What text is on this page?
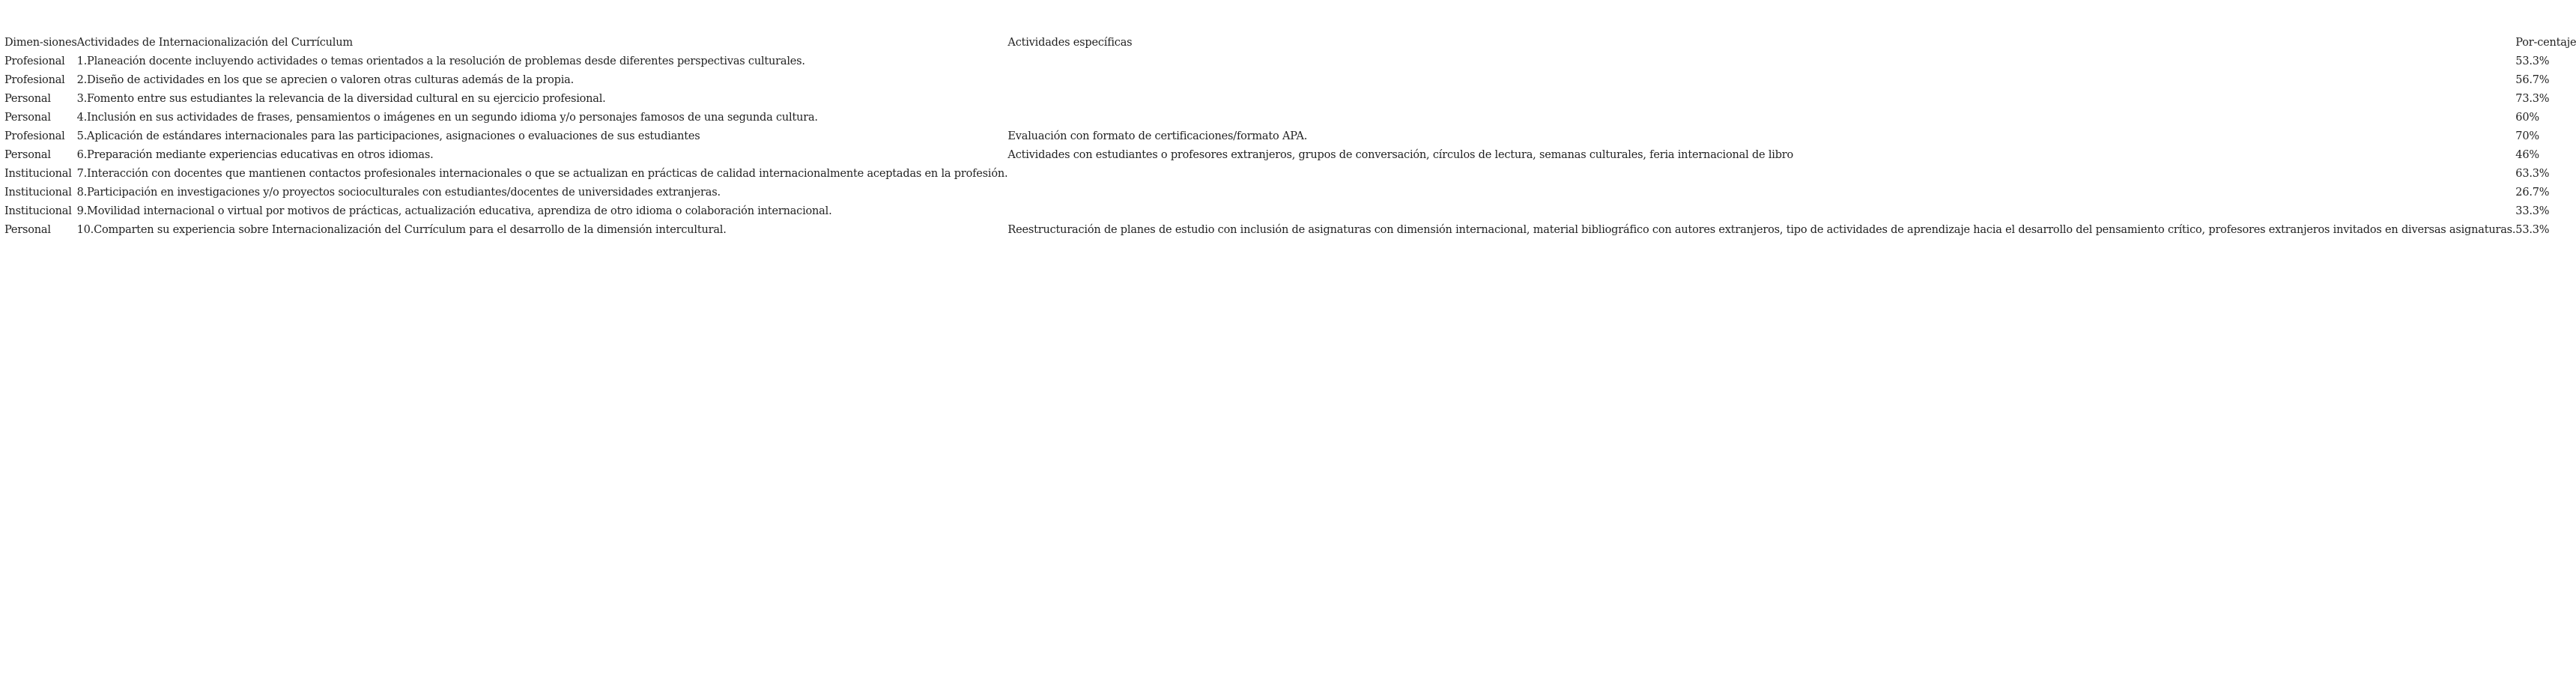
Dimen-siones	Actividades de Internacionalización del Currículum	Actividades específicas	Por-centaje
Profesional	1.Planeación docente incluyendo actividades o temas orientados a la resolución de problemas desde diferentes perspectivas culturales.		53.3%
Profesional	2.Diseño de actividades en los que se aprecien o valoren otras culturas además de la propia.		56.7%
Personal	3.Fomento entre sus estudiantes la relevancia de la diversidad cultural en su ejercicio profesional.		73.3%
Personal	4.Inclusión en sus actividades de frases, pensamientos o imágenes en un segundo idioma y/o personajes famosos de una segunda cultura.		60%
Profesional	5.Aplicación de estándares internacionales para las participaciones, asignaciones o evaluaciones de sus estudiantes	Evaluación con formato de certificaciones/formato APA.	70%
Personal	6.Preparación mediante experiencias educativas en otros idiomas.	Actividades con estudiantes o profesores extranjeros, grupos de conversación, círculos de lectura, semanas culturales, feria internacional de libro	46%
Institucional	7.Interacción con docentes que mantienen contactos profesionales internacionales o que se actualizan en prácticas de calidad internacionalmente aceptadas en la profesión.		63.3%
Institucional	8.Participación en investigaciones y/o proyectos socioculturales con estudiantes/docentes de universidades extranjeras.		26.7%
Institucional	9.Movilidad internacional o virtual por motivos de prácticas, actualización educativa, aprendiza de otro idioma o colaboración internacional.		33.3%
Personal	10.Comparten su experiencia sobre Internacionalización del Currículum para el desarrollo de la dimensión intercultural.	Reestructuración de planes de estudio con inclusión de asignaturas con dimensión internacional, material bibliográfico con autores extranjeros, tipo de actividades de aprendizaje hacia el desarrollo del pensamiento crítico, profesores extranjeros invitados en diversas asignaturas.	53.3%
